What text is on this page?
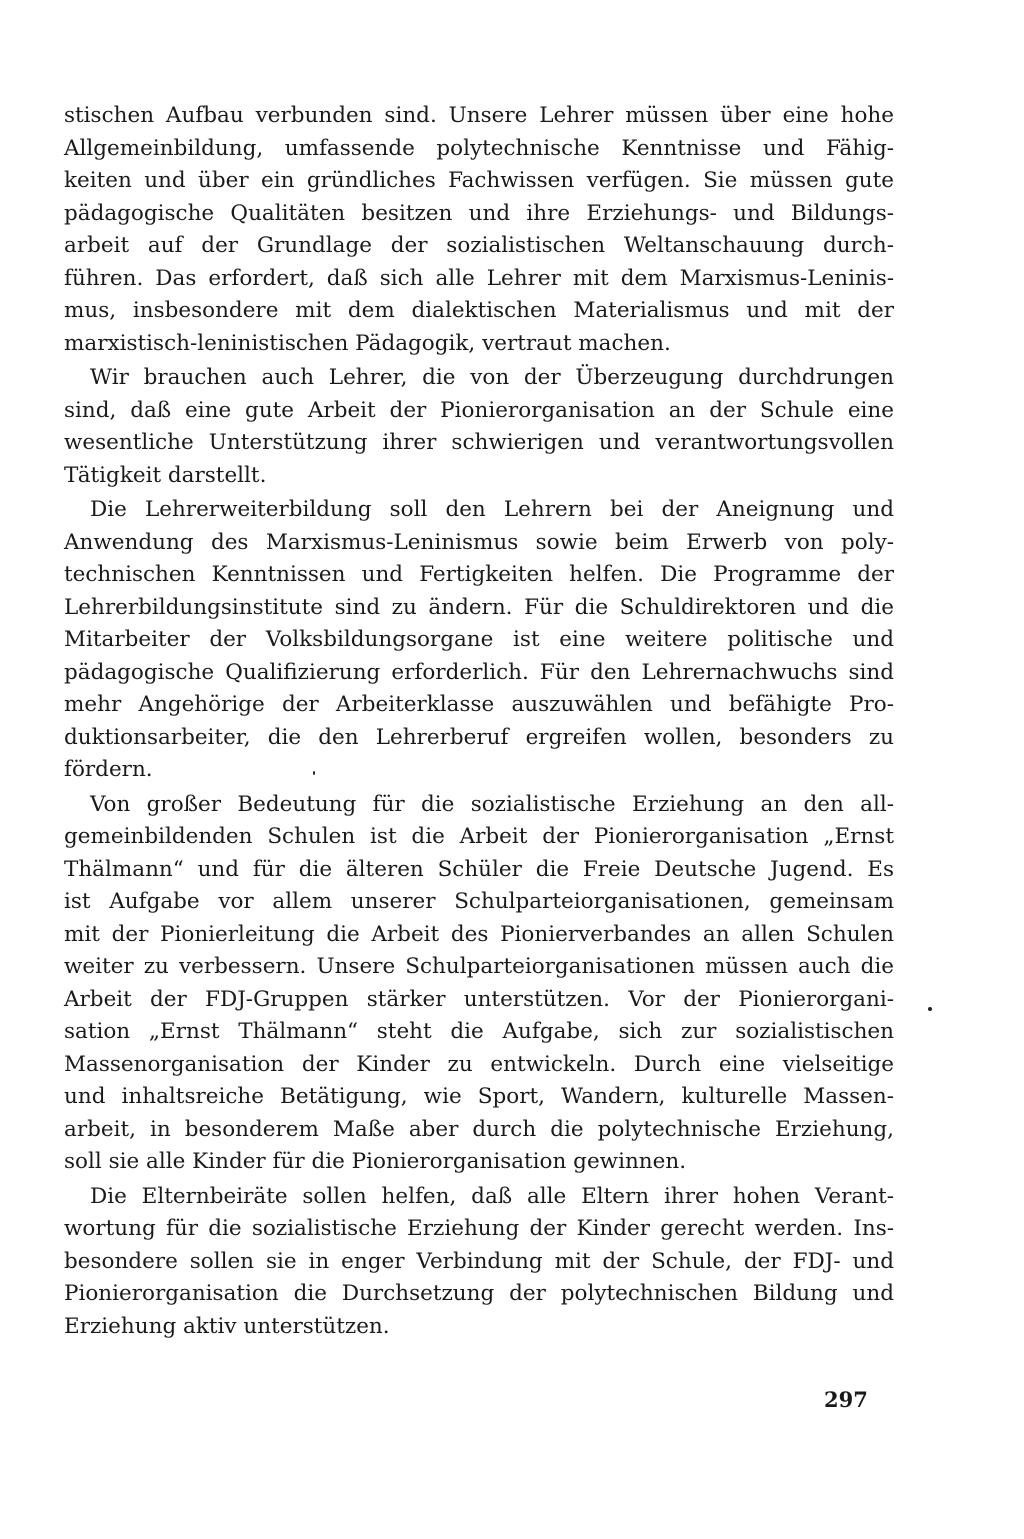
stischen Aufbau verbunden sind. Unsere Lehrer müssen über eine hohe
Allgemeinbildung, umfassende polytechnische Kenntnisse und Fähig-
keiten und über ein gründliches Fachwissen verfügen. Sie müssen gute
pädagogische Qualitäten besitzen und ihre Erziehungs- und Bildungs-
arbeit auf der Grundlage der sozialistischen Weltanschauung durch-
führen. Das erfordert, daß sich alle Lehrer mit dem Marxismus-Leninis-
mus, insbesondere mit dem dialektischen Materialismus und mit der
marxistisch-leninistischen Pädagogik, vertraut machen.
Wir brauchen auch Lehrer, die von der Überzeugung durchdrungen
sind, daß eine gute Arbeit der Pionierorganisation an der Schule eine
wesentliche Unterstützung ihrer schwierigen und verantwortungsvollen
Tätigkeit darstellt.
Die Lehrerweiterbildung soll den Lehrern bei der Aneignung und
Anwendung des Marxismus-Leninismus sowie beim Erwerb von poly-
technischen Kenntnissen und Fertigkeiten helfen. Die Programme der
Lehrerbildungsinstitute sind zu ändern. Für die Schuldirektoren und die
Mitarbeiter der Volksbildungsorgane ist eine weitere politische und
pädagogische Qualifizierung erforderlich. Für den Lehrernachwuchs sind
mehr Angehörige der Arbeiterklasse auszuwählen und befähigte Pro-
duktionsarbeiter, die den Lehrerberuf ergreifen wollen, besonders zu
fördern.
Von großer Bedeutung für die sozialistische Erziehung an den all-
gemeinbildenden Schulen ist die Arbeit der Pionierorganisation „Ernst
Thälmann“ und für die älteren Schüler die Freie Deutsche Jugend. Es
ist Aufgabe vor allem unserer Schulparteiorganisationen, gemeinsam
mit der Pionierleitung die Arbeit des Pionierverbandes an allen Schulen
weiter zu verbessern. Unsere Schulparteiorganisationen müssen auch die
Arbeit der FDJ-Gruppen stärker unterstützen. Vor der Pionierorgani-
sation „Ernst Thälmann“ steht die Aufgabe, sich zur sozialistischen
Massenorganisation der Kinder zu entwickeln. Durch eine vielseitige
und inhaltsreiche Betätigung, wie Sport, Wandern, kulturelle Massen-
arbeit, in besonderem Maße aber durch die polytechnische Erziehung,
soll sie alle Kinder für die Pionierorganisation gewinnen.
Die Elternbeiräte sollen helfen, daß alle Eltern ihrer hohen Verant-
wortung für die sozialistische Erziehung der Kinder gerecht werden. Ins-
besondere sollen sie in enger Verbindung mit der Schule, der FDJ- und
Pionierorganisation die Durchsetzung der polytechnischen Bildung und
Erziehung aktiv unterstützen.
297
